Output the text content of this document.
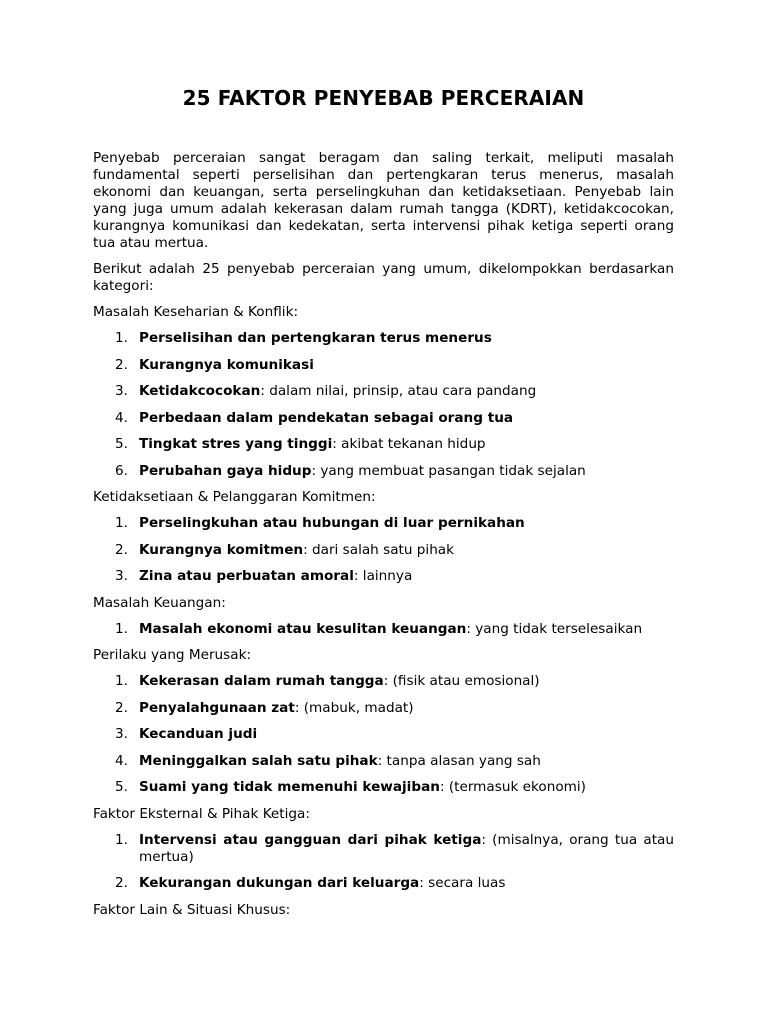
25 FAKTOR PENYEBAB PERCERAIAN

Penyebab perceraian sangat beragam dan saling terkait, meliputi masalah fundamental seperti perselisihan dan pertengkaran terus menerus, masalah ekonomi dan keuangan, serta perselingkuhan dan ketidaksetiaan. Penyebab lain yang juga umum adalah kekerasan dalam rumah tangga (KDRT), ketidakcocokan, kurangnya komunikasi dan kedekatan, serta intervensi pihak ketiga seperti orang tua atau mertua.

Berikut adalah 25 penyebab perceraian yang umum, dikelompokkan berdasarkan kategori:

Masalah Keseharian & Konflik:
1. Perselisihan dan pertengkaran terus menerus
2. Kurangnya komunikasi
3. Ketidakcocokan: dalam nilai, prinsip, atau cara pandang
4. Perbedaan dalam pendekatan sebagai orang tua
5. Tingkat stres yang tinggi: akibat tekanan hidup
6. Perubahan gaya hidup: yang membuat pasangan tidak sejalan
Ketidaksetiaan & Pelanggaran Komitmen:
1. Perselingkuhan atau hubungan di luar pernikahan
2. Kurangnya komitmen: dari salah satu pihak
3. Zina atau perbuatan amoral: lainnya
Masalah Keuangan:
1. Masalah ekonomi atau kesulitan keuangan: yang tidak terselesaikan
Perilaku yang Merusak:
1. Kekerasan dalam rumah tangga: (fisik atau emosional)
2. Penyalahgunaan zat: (mabuk, madat)
3. Kecanduan judi
4. Meninggalkan salah satu pihak: tanpa alasan yang sah
5. Suami yang tidak memenuhi kewajiban: (termasuk ekonomi)
Faktor Eksternal & Pihak Ketiga:
1. Intervensi atau gangguan dari pihak ketiga: (misalnya, orang tua atau mertua)
2. Kekurangan dukungan dari keluarga: secara luas
Faktor Lain & Situasi Khusus:
